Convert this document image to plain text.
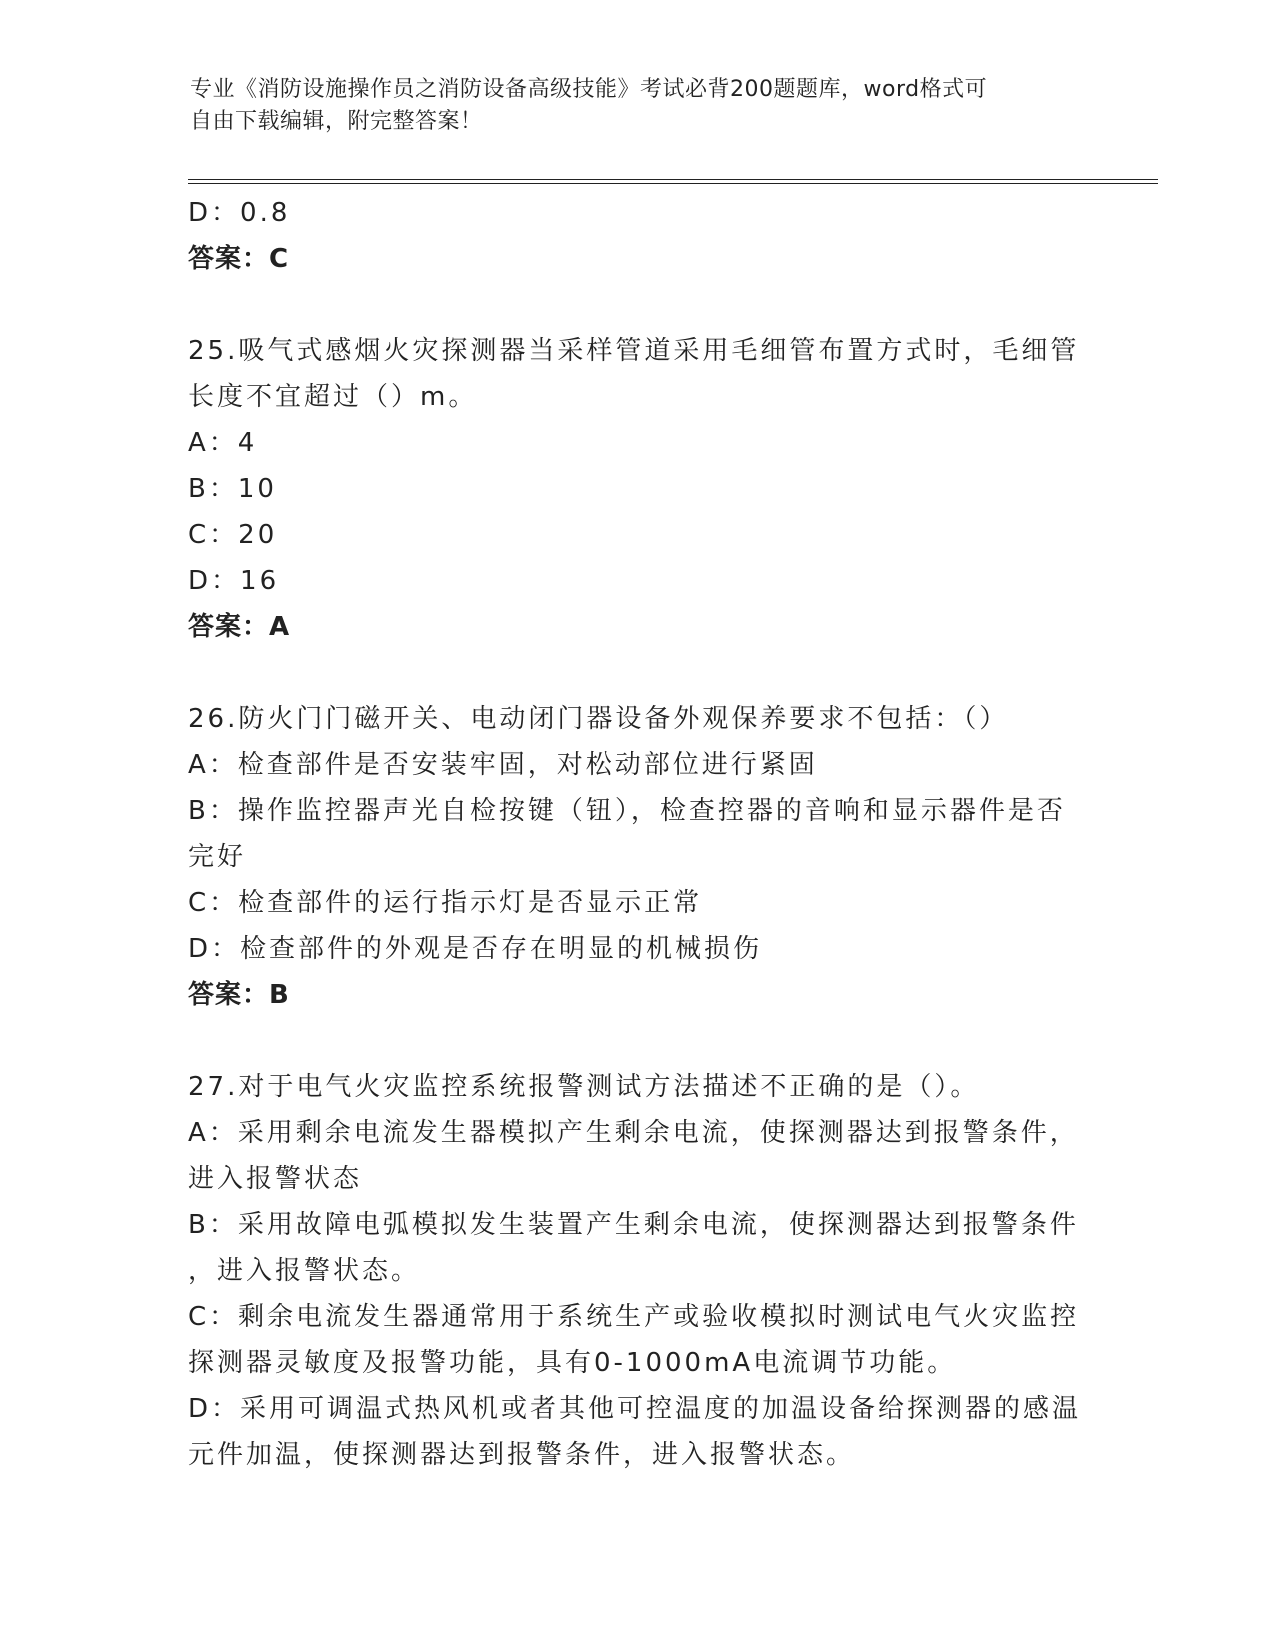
专业《消防设施操作员之消防设备高级技能》考试必背200题题库，word格式可
自由下载编辑，附完整答案！
D：0.8
答案：C
25.吸气式感烟火灾探测器当采样管道采用毛细管布置方式时，毛细管
长度不宜超过（）m。
A：4
B：10
C：20
D：16
答案：A
26.防火门门磁开关、电动闭门器设备外观保养要求不包括：（）
A：检查部件是否安装牢固，对松动部位进行紧固
B：操作监控器声光自检按键（钮），检查控器的音响和显示器件是否
完好
C：检查部件的运行指示灯是否显示正常
D：检查部件的外观是否存在明显的机械损伤
答案：B
27.对于电气火灾监控系统报警测试方法描述不正确的是（）。
A：采用剩余电流发生器模拟产生剩余电流，使探测器达到报警条件，
进入报警状态
B：采用故障电弧模拟发生装置产生剩余电流，使探测器达到报警条件
，进入报警状态。
C：剩余电流发生器通常用于系统生产或验收模拟时测试电气火灾监控
探测器灵敏度及报警功能，具有0-1000mA电流调节功能。
D：采用可调温式热风机或者其他可控温度的加温设备给探测器的感温
元件加温，使探测器达到报警条件，进入报警状态。
